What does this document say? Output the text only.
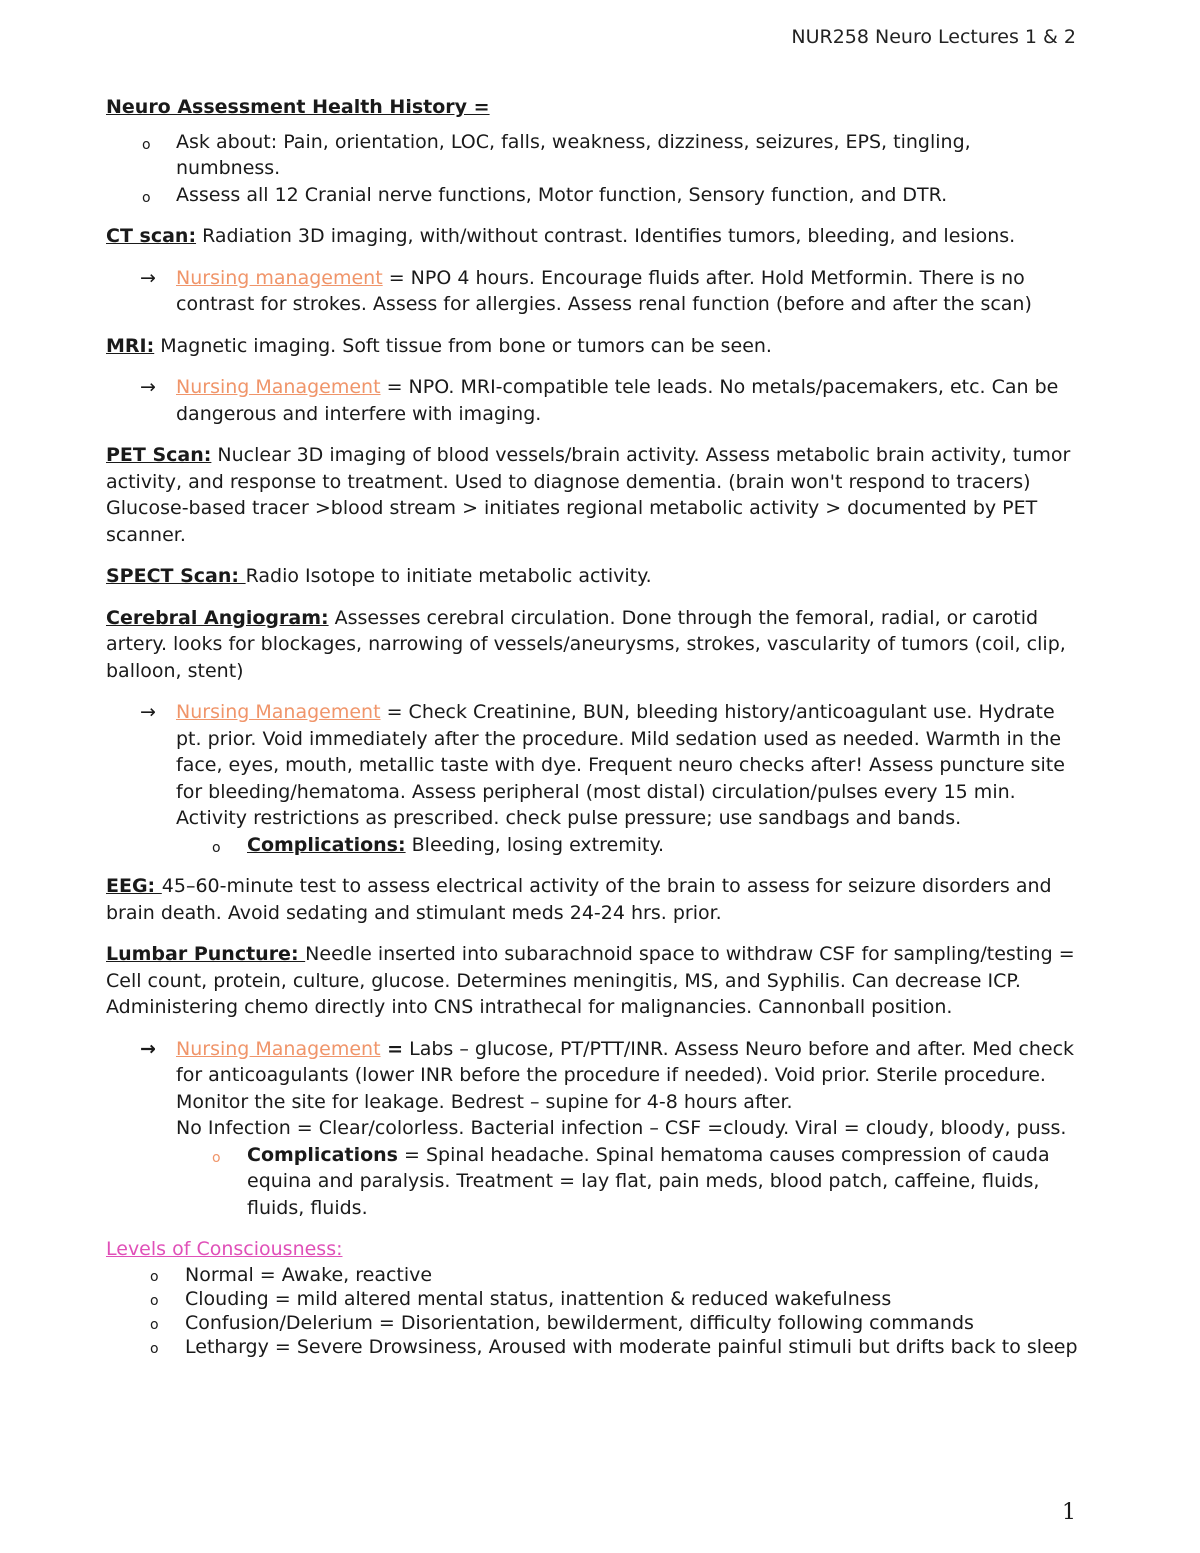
NUR258 Neuro Lectures 1 & 2
Neuro Assessment Health History =
o Ask about: Pain, orientation, LOC, falls, weakness, dizziness, seizures, EPS, tingling, numbness.
o Assess all 12 Cranial nerve functions, Motor function, Sensory function, and DTR.
CT scan: Radiation 3D imaging, with/without contrast. Identifies tumors, bleeding, and lesions.
→ Nursing management = NPO 4 hours. Encourage fluids after. Hold Metformin. There is no contrast for strokes. Assess for allergies. Assess renal function (before and after the scan)
MRI: Magnetic imaging. Soft tissue from bone or tumors can be seen.
→ Nursing Management = NPO. MRI-compatible tele leads. No metals/pacemakers, etc. Can be dangerous and interfere with imaging.
PET Scan: Nuclear 3D imaging of blood vessels/brain activity. Assess metabolic brain activity, tumor activity, and response to treatment. Used to diagnose dementia. (brain won't respond to tracers) Glucose-based tracer >blood stream > initiates regional metabolic activity > documented by PET scanner.
SPECT Scan: Radio Isotope to initiate metabolic activity.
Cerebral Angiogram: Assesses cerebral circulation. Done through the femoral, radial, or carotid artery. looks for blockages, narrowing of vessels/aneurysms, strokes, vascularity of tumors (coil, clip, balloon, stent)
→ Nursing Management = Check Creatinine, BUN, bleeding history/anticoagulant use. Hydrate pt. prior. Void immediately after the procedure. Mild sedation used as needed. Warmth in the face, eyes, mouth, metallic taste with dye. Frequent neuro checks after! Assess puncture site for bleeding/hematoma. Assess peripheral (most distal) circulation/pulses every 15 min. Activity restrictions as prescribed. check pulse pressure; use sandbags and bands.
o Complications: Bleeding, losing extremity.
EEG: 45–60-minute test to assess electrical activity of the brain to assess for seizure disorders and brain death. Avoid sedating and stimulant meds 24-24 hrs. prior.
Lumbar Puncture: Needle inserted into subarachnoid space to withdraw CSF for sampling/testing = Cell count, protein, culture, glucose. Determines meningitis, MS, and Syphilis. Can decrease ICP. Administering chemo directly into CNS intrathecal for malignancies. Cannonball position.
→ Nursing Management = Labs – glucose, PT/PTT/INR. Assess Neuro before and after. Med check for anticoagulants (lower INR before the procedure if needed). Void prior. Sterile procedure. Monitor the site for leakage. Bedrest – supine for 4-8 hours after.
No Infection = Clear/colorless. Bacterial infection – CSF =cloudy. Viral = cloudy, bloody, puss.
o Complications = Spinal headache. Spinal hematoma causes compression of cauda equina and paralysis. Treatment = lay flat, pain meds, blood patch, caffeine, fluids, fluids, fluids.
Levels of Consciousness:
o Normal = Awake, reactive
o Clouding = mild altered mental status, inattention & reduced wakefulness
o Confusion/Delerium = Disorientation, bewilderment, difficulty following commands
o Lethargy = Severe Drowsiness, Aroused with moderate painful stimuli but drifts back to sleep
1
